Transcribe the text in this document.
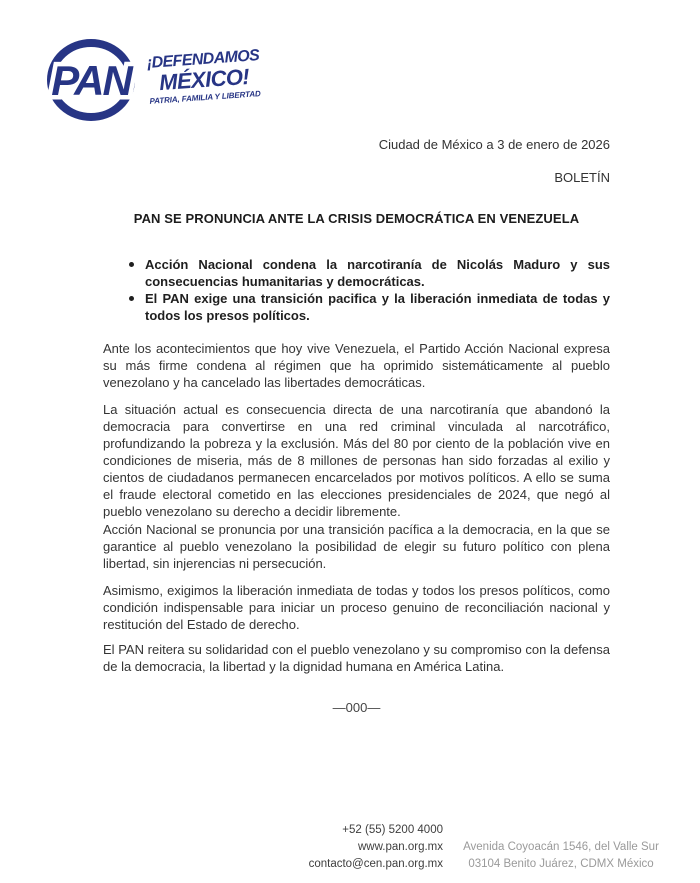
PAN ¡DEFENDAMOS
MÉXICO!
PATRIA, FAMILIA Y LIBERTAD
Ciudad de México a 3 de enero de 2026
BOLETÍN
PAN SE PRONUNCIA ANTE LA CRISIS DEMOCRÁTICA EN VENEZUELA
Acción Nacional condena la narcotiranía de Nicolás Maduro y sus consecuencias humanitarias y democráticas.
El PAN exige una transición pacifica y la liberación inmediata de todas y todos los presos políticos.
Ante los acontecimientos que hoy vive Venezuela, el Partido Acción Nacional expresa su más firme condena al régimen que ha oprimido sistemáticamente al pueblo venezolano y ha cancelado las libertades democráticas.
La situación actual es consecuencia directa de una narcotiranía que abandonó la democracia para convertirse en una red criminal vinculada al narcotráfico, profundizando la pobreza y la exclusión. Más del 80 por ciento de la población vive en condiciones de miseria, más de 8 millones de personas han sido forzadas al exilio y cientos de ciudadanos permanecen encarcelados por motivos políticos. A ello se suma el fraude electoral cometido en las elecciones presidenciales de 2024, que negó al pueblo venezolano su derecho a decidir libremente.
Acción Nacional se pronuncia por una transición pacífica a la democracia, en la que se garantice al pueblo venezolano la posibilidad de elegir su futuro político con plena libertad, sin injerencias ni persecución.
Asimismo, exigimos la liberación inmediata de todas y todos los presos políticos, como condición indispensable para iniciar un proceso genuino de reconciliación nacional y restitución del Estado de derecho.
El PAN reitera su solidaridad con el pueblo venezolano y su compromiso con la defensa de la democracia, la libertad y la dignidad humana en América Latina.
—000—
+52 (55) 5200 4000
www.pan.org.mx
contacto@cen.pan.org.mx
Avenida Coyoacán 1546, del Valle Sur
03104 Benito Juárez, CDMX México
